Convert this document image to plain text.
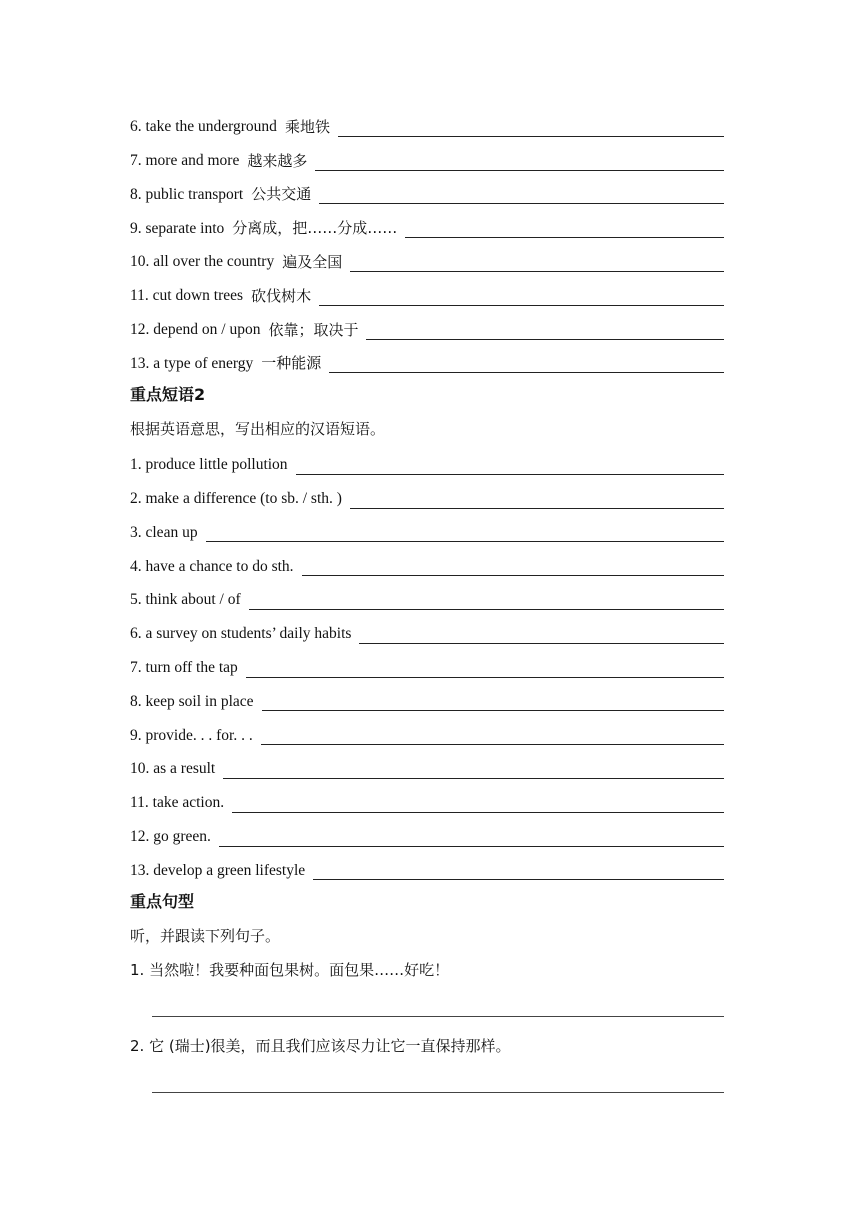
6. take the underground 乘地铁
7. more and more 越来越多
8. public transport 公共交通
9. separate into 分离成，把……分成……
10. all over the country 遍及全国
11. cut down trees 砍伐树木
12. depend on / upon 依靠；取决于
13. a type of energy 一种能源
重点短语2
根据英语意思，写出相应的汉语短语。
1. produce little pollution
2. make a difference (to sb. / sth. )
3. clean up
4. have a chance to do sth.
5. think about / of
6. a survey on students’ daily habits
7. turn off the tap
8. keep soil in place
9. provide. . . for. . .
10. as a result
11. take action.
12. go green.
13. develop a green lifestyle
重点句型
听，并跟读下列句子。
1. 当然啦！我要种面包果树。面包果……好吃！
2. 它 (瑞士)很美，而且我们应该尽力让它一直保持那样。
